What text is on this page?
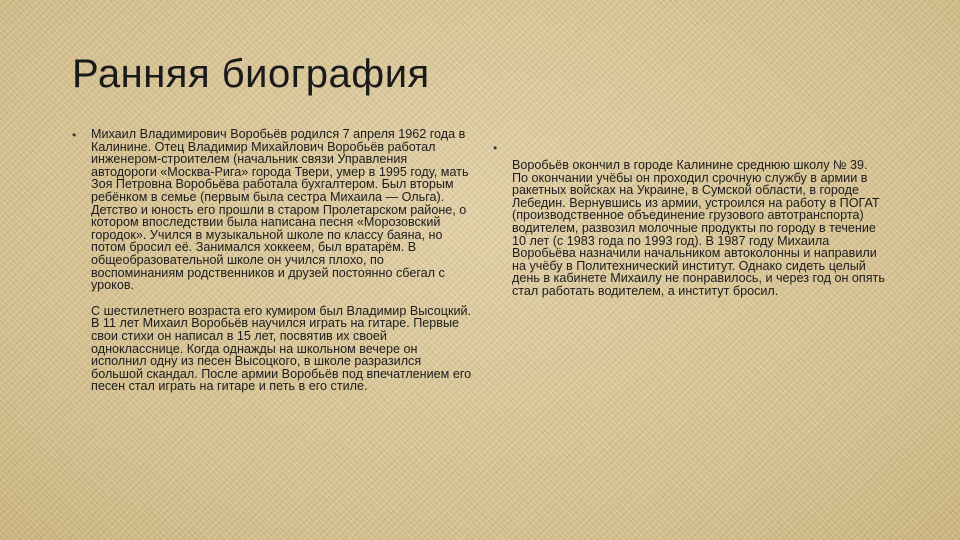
Ранняя биография
•	Михаил Владимирович Воробьёв родился 7 апреля 1962 года в Калинине. Отец Владимир Михайлович Воробьёв работал инженером-строителем (начальник связи Управления автодороги «Москва-Рига» города Твери, умер в 1995 году, мать Зоя Петровна Воробьёва работала бухгалтером. Был вторым ребёнком в семье (первым была сестра Михаила — Ольга). Детство и юность его прошли в старом Пролетарском районе, о котором впоследствии была написана песня «Морозовский городок». Учился в музыкальной школе по классу баяна, но потом бросил её. Занимался хоккеем, был вратарём. В общеобразовательной школе он учился плохо, по воспоминаниям родственников и друзей постоянно сбегал с уроков.

С шестилетнего возраста его кумиром был Владимир Высоцкий. В 11 лет Михаил Воробьёв научился играть на гитаре. Первые свои стихи он написал в 15 лет, посвятив их своей однокласснице. Когда однажды на школьном вечере он исполнил одну из песен Высоцкого, в школе разразился большой скандал. После армии Воробьёв под впечатлением его песен стал играть на гитаре и петь в его стиле.

•

Воробьёв окончил в городе Калинине среднюю школу № 39. По окончании учёбы он проходил срочную службу в армии в ракетных войсках на Украине, в Сумской области, в городе Лебедин. Вернувшись из армии, устроился на работу в ПОГАТ (производственное объединение грузового автотранспорта) водителем, развозил молочные продукты по городу в течение 10 лет (с 1983 года по 1993 год). В 1987 году Михаила Воробьёва назначили начальником автоколонны и направили на учёбу в Политехнический институт. Однако сидеть целый день в кабинете Михаилу не понравилось, и через год он опять стал работать водителем, а институт бросил.
